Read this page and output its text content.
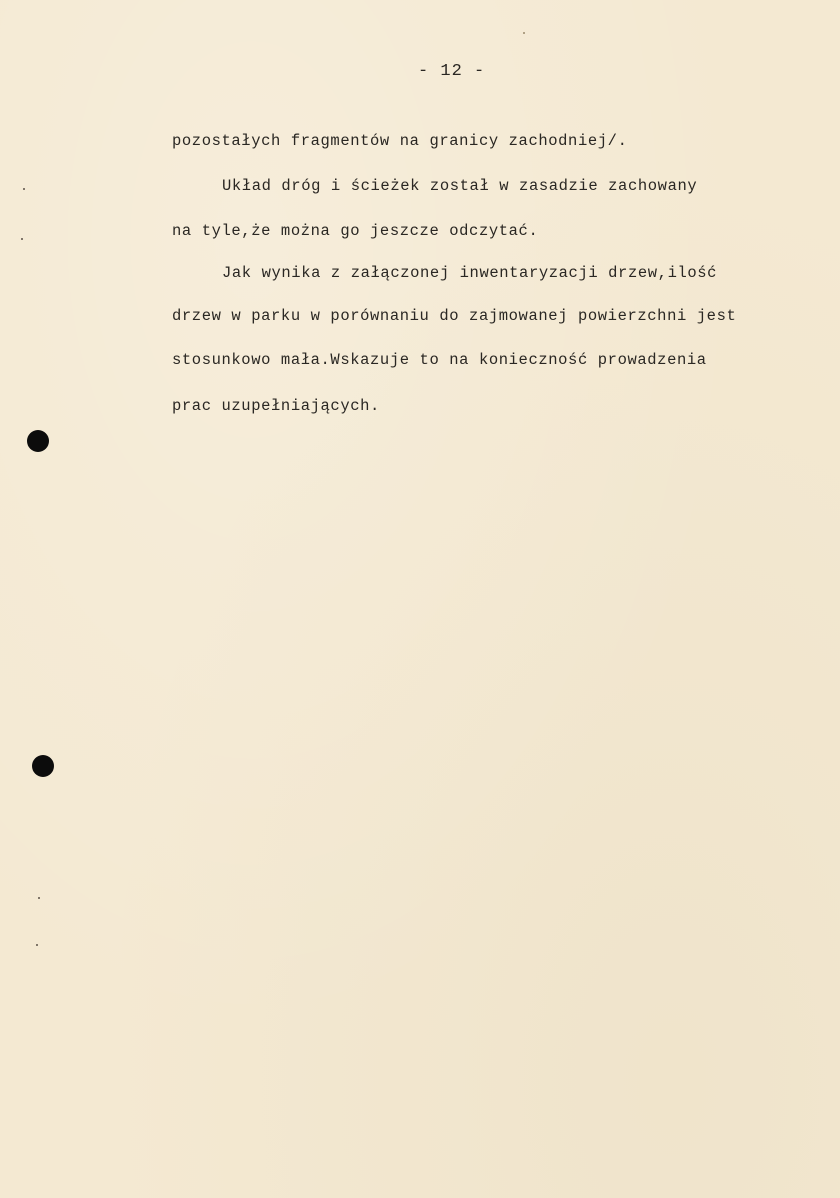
- 12 -

pozostałych fragmentów na granicy zachodniej/.

Układ dróg i ścieżek został w zasadzie zachowany

na tyle,że można go jeszcze odczytać.

Jak wynika z załączonej inwentaryzacji drzew,ilość

drzew w parku w porównaniu do zajmowanej powierzchni jest

stosunkowo mała.Wskazuje to na konieczność prowadzenia

prac uzupełniających.
